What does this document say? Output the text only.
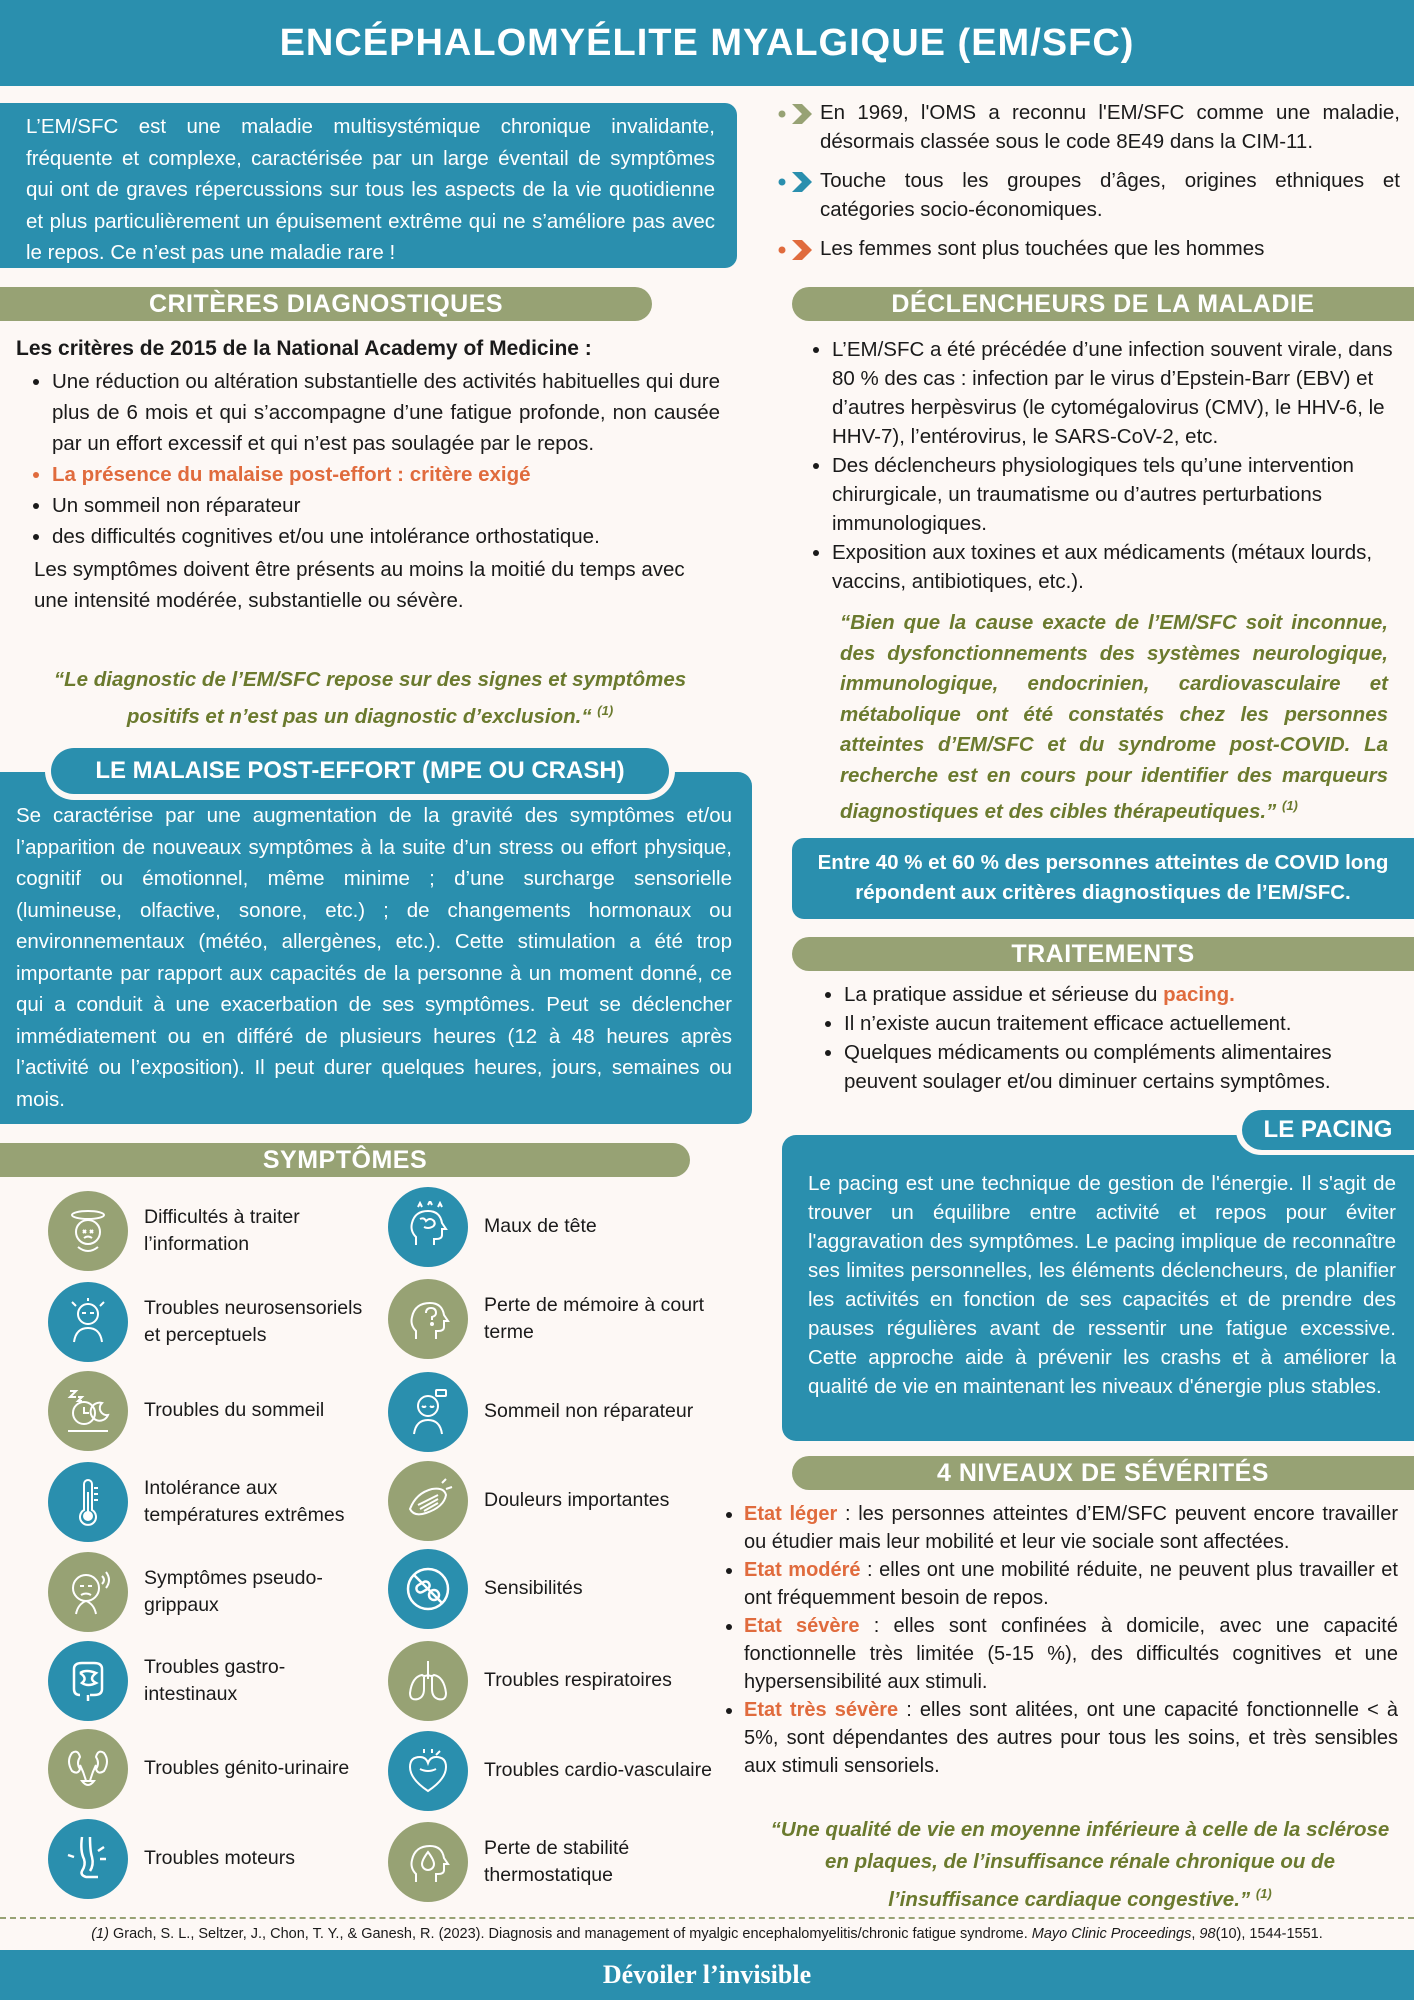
ENCÉPHALOMYÉLITE MYALGIQUE (EM/SFC)
L’EM/SFC est une maladie multisystémique chronique invalidante, fréquente et complexe, caractérisée par un large éventail de symptômes qui ont de graves répercussions sur tous les aspects de la vie quotidienne et plus particulièrement un épuisement extrême qui ne s’améliore pas avec le repos. Ce n’est pas une maladie rare !
En 1969, l'OMS a reconnu l'EM/SFC comme une maladie, désormais classée sous le code 8E49 dans la CIM-11.
Touche tous les groupes d’âges, origines ethniques et catégories socio-économiques.
Les femmes sont plus touchées que les hommes
CRITÈRES DIAGNOSTIQUES
Les critères de 2015 de la National Academy of Medicine :
• Une réduction ou altération substantielle des activités habituelles qui dure plus de 6 mois et qui s’accompagne d’une fatigue profonde, non causée par un effort excessif et qui n’est pas soulagée par le repos.
• La présence du malaise post-effort : critère exigé
• Un sommeil non réparateur
• des difficultés cognitives et/ou une intolérance orthostatique.

Les symptômes doivent être présents au moins la moitié du temps avec une intensité modérée, substantielle ou sévère.

“Le diagnostic de l’EM/SFC repose sur des signes et symptômes positifs et n’est pas un diagnostic d’exclusion.“ $^{(1)}$
Se caractérise par une augmentation de la gravité des symptômes et/ou l’apparition de nouveaux symptômes à la suite d’un stress ou effort physique, cognitif ou émotionnel, même minime ; d’une surcharge sensorielle (lumineuse, olfactive, sonore, etc.) ; de changements hormonaux ou environnementaux (météo, allergènes, etc.). Cette stimulation a été trop importante par rapport aux capacités de la personne à un moment donné, ce qui a conduit à une exacerbation de ses symptômes. Peut se déclencher immédiatement ou en différé de plusieurs heures (12 à 48 heures après l’activité ou l’exposition). Il peut durer quelques heures, jours, semaines ou mois.
LE MALAISE POST-EFFORT (MPE OU CRASH)
SYMPTÔMES
Difficultés à traiter l’information
Troubles neurosensoriels et perceptuels
Troubles du sommeil
Intolérance aux températures extrêmes
Symptômes pseudo-grippaux
Troubles gastro-intestinaux
Troubles génito-urinaire
Troubles moteurs
Maux de tête
Perte de mémoire à court terme
Sommeil non réparateur
Douleurs importantes
Sensibilités
Troubles respiratoires
Troubles cardio-vasculaire
Perte de stabilité thermostatique
DÉCLENCHEURS DE LA MALADIE
• L’EM/SFC a été précédée d’une infection souvent virale, dans 80 % des cas : infection par le virus d’Epstein-Barr (EBV) et d’autres herpèsvirus (le cytomégalovirus (CMV), le HHV-6, le HHV-7), l’entérovirus, le SARS-CoV-2, etc.
• Des déclencheurs physiologiques tels qu’une intervention chirurgicale, un traumatisme ou d’autres perturbations immunologiques.
• Exposition aux toxines et aux médicaments (métaux lourds, vaccins, antibiotiques, etc.).
“Bien que la cause exacte de l’EM/SFC soit inconnue, des dysfonctionnements des systèmes neurologique, immunologique, endocrinien, cardiovasculaire et métabolique ont été constatés chez les personnes atteintes d’EM/SFC et du syndrome post-COVID. La recherche est en cours pour identifier des marqueurs diagnostiques et des cibles thérapeutiques.” $^{(1)}$
Entre 40 % et 60 % des personnes atteintes de COVID long répondent aux critères diagnostiques de l’EM/SFC.
TRAITEMENTS
• La pratique assidue et sérieuse du pacing.
• Il n’existe aucun traitement efficace actuellement.
• Quelques médicaments ou compléments alimentaires peuvent soulager et/ou diminuer certains symptômes.
Le pacing est une technique de gestion de l'énergie. Il s'agit de trouver un équilibre entre activité et repos pour éviter l'aggravation des symptômes. Le pacing implique de reconnaître ses limites personnelles, les éléments déclencheurs, de planifier les activités en fonction de ses capacités et de prendre des pauses régulières avant de ressentir une fatigue excessive. Cette approche aide à prévenir les crashs et à améliorer la qualité de vie en maintenant les niveaux d'énergie plus stables.
LE PACING
4 NIVEAUX DE SÉVÉRITÉS
• Etat léger : les personnes atteintes d’EM/SFC peuvent encore travailler ou étudier mais leur mobilité et leur vie sociale sont affectées.
• Etat modéré : elles ont une mobilité réduite, ne peuvent plus travailler et ont fréquemment besoin de repos.
• Etat sévère : elles sont confinées à domicile, avec une capacité fonctionnelle très limitée (5-15 %), des difficultés cognitives et une hypersensibilité aux stimuli.
• Etat très sévère : elles sont alitées, ont une capacité fonctionnelle < à 5%, sont dépendantes des autres pour tous les soins, et très sensibles aux stimuli sensoriels.
“Une qualité de vie en moyenne inférieure à celle de la sclérose en plaques, de l’insuffisance rénale chronique ou de l’insuffisance cardiaque congestive.” $^{(1)}$
(1) Grach, S. L., Seltzer, J., Chon, T. Y., & Ganesh, R. (2023). Diagnosis and management of myalgic encephalomyelitis/chronic fatigue syndrome. Mayo Clinic Proceedings, 98(10), 1544-1551.
Dévoiler l’invisible
